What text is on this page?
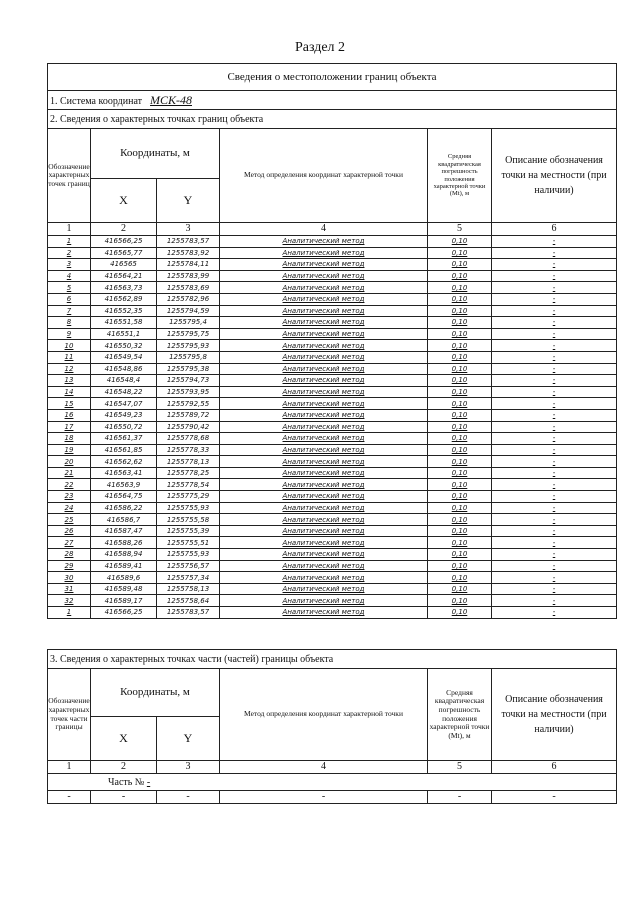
Раздел 2
Сведения о местоположении границ объекта					
1. Система координат МСК-48					
2. Сведения о характерных точках границ объекта					
Обозначение характерных точек границ	Координаты, м		Метод определения координат характерной точки	Средняя квадратическая погрешность положения характерной точки (Mt), м	Описание обозначения точки на местности (при наличии)
	X	Y			
1	2	3	4	5	6
1	416566,25	1255783,57	Аналитический метод	0,10	-
2	416565,77	1255783,92	Аналитический метод	0,10	-
3	416565	1255784,11	Аналитический метод	0,10	-
4	416564,21	1255783,99	Аналитический метод	0,10	-
5	416563,73	1255783,69	Аналитический метод	0,10	-
6	416562,89	1255782,96	Аналитический метод	0,10	-
7	416552,35	1255794,59	Аналитический метод	0,10	-
8	416551,58	1255795,4	Аналитический метод	0,10	-
9	416551,1	1255795,75	Аналитический метод	0,10	-
10	416550,32	1255795,93	Аналитический метод	0,10	-
11	416549,54	1255795,8	Аналитический метод	0,10	-
12	416548,86	1255795,38	Аналитический метод	0,10	-
13	416548,4	1255794,73	Аналитический метод	0,10	-
14	416548,22	1255793,95	Аналитический метод	0,10	-
15	416547,07	1255792,55	Аналитический метод	0,10	-
16	416549,23	1255789,72	Аналитический метод	0,10	-
17	416550,72	1255790,42	Аналитический метод	0,10	-
18	416561,37	1255778,68	Аналитический метод	0,10	-
19	416561,85	1255778,33	Аналитический метод	0,10	-
20	416562,62	1255778,13	Аналитический метод	0,10	-
21	416563,41	1255778,25	Аналитический метод	0,10	-
22	416563,9	1255778,54	Аналитический метод	0,10	-
23	416564,75	1255775,29	Аналитический метод	0,10	-
24	416586,22	1255755,93	Аналитический метод	0,10	-
25	416586,7	1255755,58	Аналитический метод	0,10	-
26	416587,47	1255755,39	Аналитический метод	0,10	-
27	416588,26	1255755,51	Аналитический метод	0,10	-
28	416588,94	1255755,93	Аналитический метод	0,10	-
29	416589,41	1255756,57	Аналитический метод	0,10	-
30	416589,6	1255757,34	Аналитический метод	0,10	-
31	416589,48	1255758,13	Аналитический метод	0,10	-
32	416589,17	1255758,64	Аналитический метод	0,10	-
1	416566,25	1255783,57	Аналитический метод	0,10	-
3. Сведения о характерных точках части (частей) границы объекта					
Обозначение характерных точек части границы	Координаты, м		Метод определения координат характерной точки	Средняя квадратическая погрешность положения характерной точки (Mt), м	Описание обозначения точки на местности (при наличии)
	X	Y			
1	2	3	4	5	6
Часть № -					
-	-	-	-	-	-
